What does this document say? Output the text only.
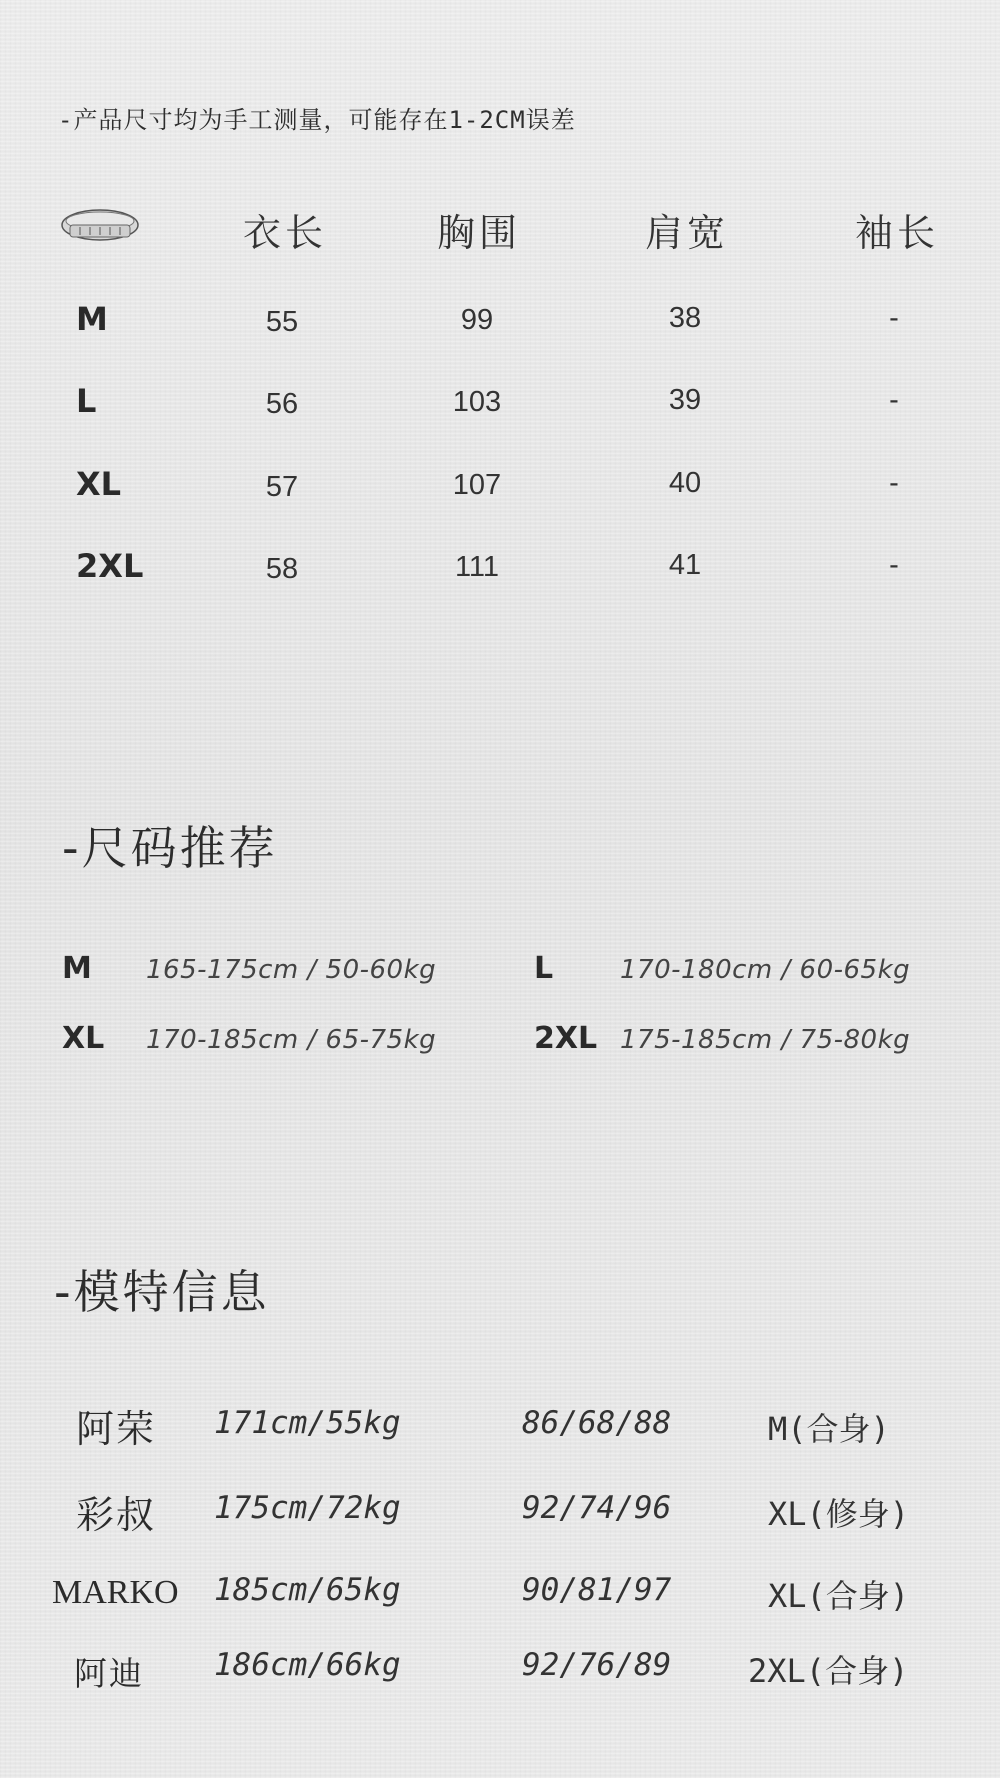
-产品尺寸均为手工测量，可能存在1-2CM误差
衣长	胸围	肩宽	袖长
M	55	99	38	-
L	56	103	39	-
XL	57	107	40	-
2XL	58	111	41	-
-尺码推荐
M 165-175cm / 50-60kg	L	170-180cm / 60-65kg
XL 170-185cm / 65-75kg	2XL 175-185cm / 75-80kg
-模特信息
阿荣 171cm/55kg	86/68/88	M(合身)
彩叔 175cm/72kg	92/74/96	XL(修身)
MARKO 185cm/65kg	90/81/97	XL(合身)
阿迪 186cm/66kg	92/76/89 2XL(合身)
